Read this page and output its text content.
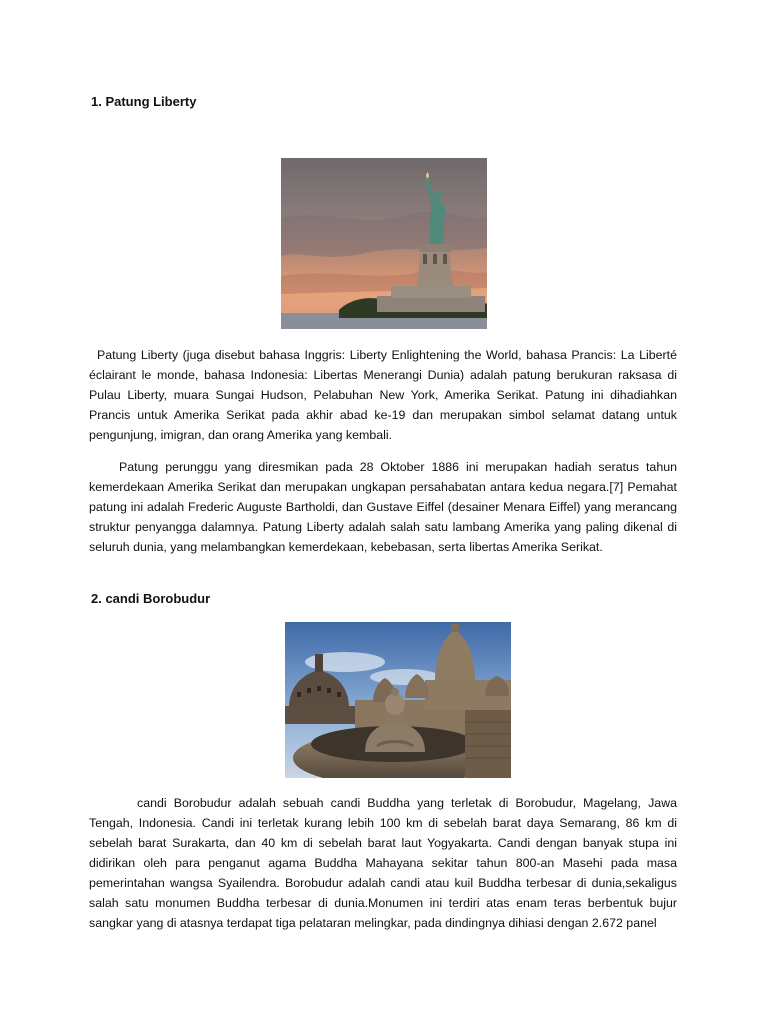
1. Patung Liberty

Patung Liberty (juga disebut bahasa Inggris: Liberty Enlightening the World, bahasa Prancis: La Liberté éclairant le monde, bahasa Indonesia: Libertas Menerangi Dunia) adalah patung berukuran raksasa di Pulau Liberty, muara Sungai Hudson, Pelabuhan New York, Amerika Serikat. Patung ini dihadiahkan Prancis untuk Amerika Serikat pada akhir abad ke-19 dan merupakan simbol selamat datang untuk pengunjung, imigran, dan orang Amerika yang kembali.

Patung perunggu yang diresmikan pada 28 Oktober 1886 ini merupakan hadiah seratus tahun kemerdekaan Amerika Serikat dan merupakan ungkapan persahabatan antara kedua negara.[7] Pemahat patung ini adalah Frederic Auguste Bartholdi, dan Gustave Eiffel (desainer Menara Eiffel) yang merancang struktur penyangga dalamnya. Patung Liberty adalah salah satu lambang Amerika yang paling dikenal di seluruh dunia, yang melambangkan kemerdekaan, kebebasan, serta libertas Amerika Serikat.

2. candi Borobudur

candi Borobudur adalah sebuah candi Buddha yang terletak di Borobudur, Magelang, Jawa Tengah, Indonesia. Candi ini terletak kurang lebih 100 km di sebelah barat daya Semarang, 86 km di sebelah barat Surakarta, dan 40 km di sebelah barat laut Yogyakarta. Candi dengan banyak stupa ini didirikan oleh para penganut agama Buddha Mahayana sekitar tahun 800-an Masehi pada masa pemerintahan wangsa Syailendra. Borobudur adalah candi atau kuil Buddha terbesar di dunia,sekaligus salah satu monumen Buddha terbesar di dunia.Monumen ini terdiri atas enam teras berbentuk bujur sangkar yang di atasnya terdapat tiga pelataran melingkar, pada dindingnya dihiasi dengan 2.672 panel
